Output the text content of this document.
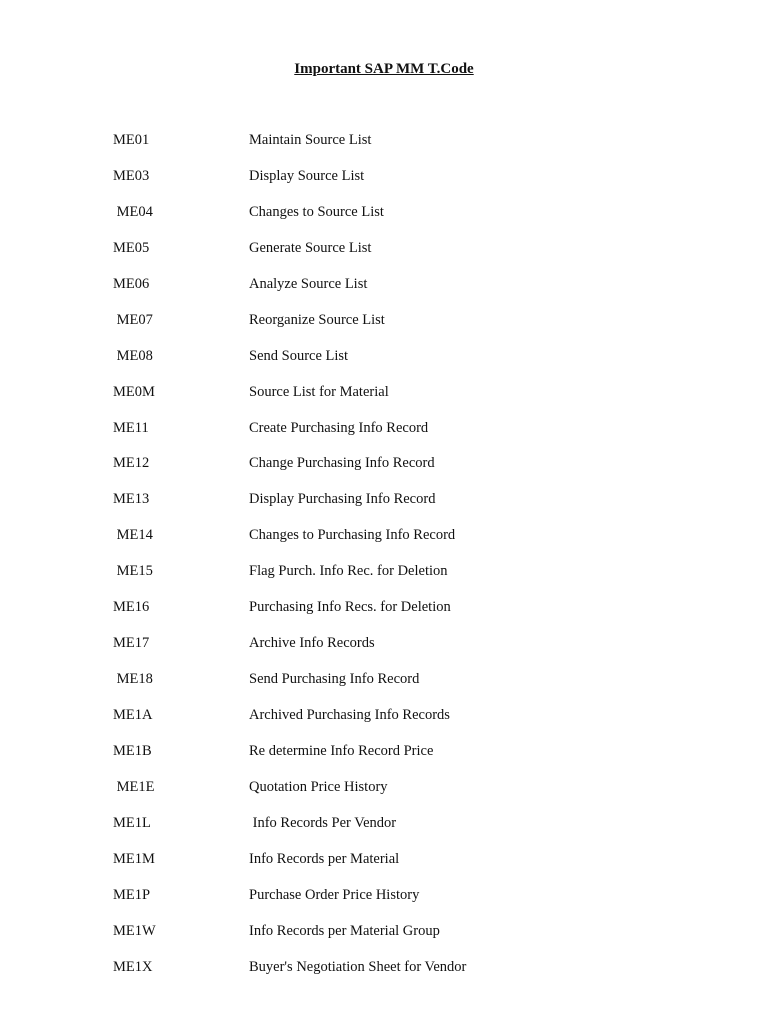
Important SAP MM T.Code
ME01	Maintain Source List
ME03	Display Source List
ME04	Changes to Source List
ME05	Generate Source List
ME06	Analyze Source List
ME07	Reorganize Source List
ME08	Send Source List
ME0M	Source List for Material
ME11	Create Purchasing Info Record
ME12	Change Purchasing Info Record
ME13	Display Purchasing Info Record
ME14	Changes to Purchasing Info Record
ME15	Flag Purch. Info Rec. for Deletion
ME16	Purchasing Info Recs. for Deletion
ME17	Archive Info Records
ME18	Send Purchasing Info Record
ME1A	Archived Purchasing Info Records
ME1B	Re determine Info Record Price
ME1E	Quotation Price History
ME1L	Info Records Per Vendor
ME1M	Info Records per Material
ME1P	Purchase Order Price History
ME1W	Info Records per Material Group
ME1X	Buyer's Negotiation Sheet for Vendor
